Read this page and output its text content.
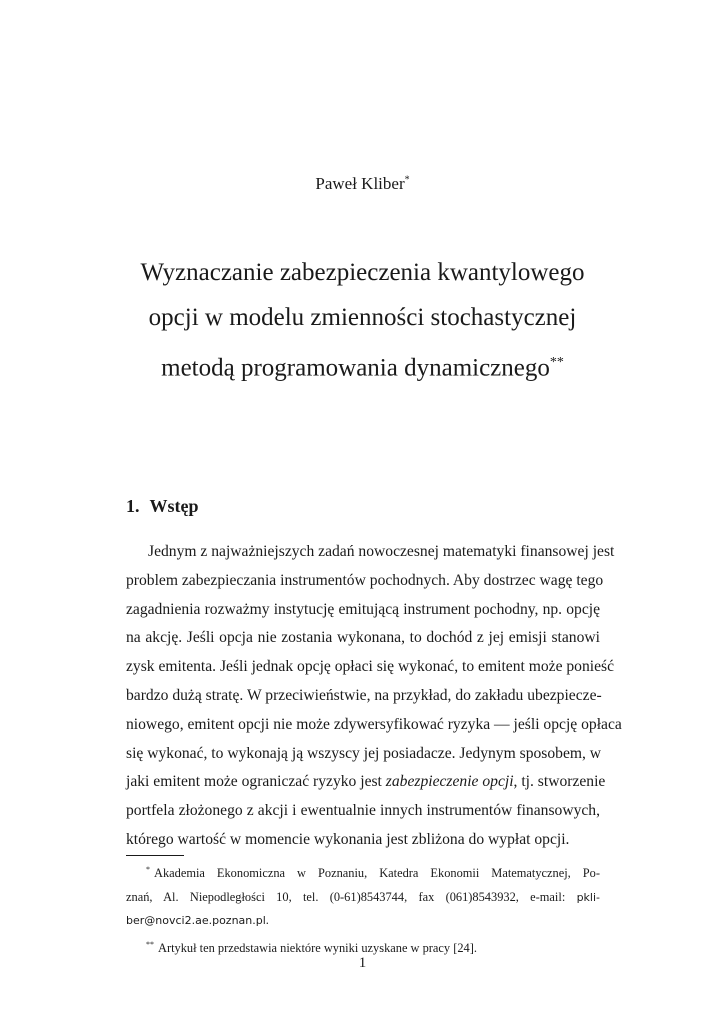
Paweł Kliber*
Wyznaczanie zabezpieczenia kwantylowego
opcji w modelu zmienności stochastycznej
metodą programowania dynamicznego**
1. Wstęp
Jednym z najważniejszych zadań nowoczesnej matematyki finansowej jest
problem zabezpieczania instrumentów pochodnych. Aby dostrzec wagę tego
zagadnienia rozważmy instytucję emitującą instrument pochodny, np. opcję
na akcję. Jeśli opcja nie zostania wykonana, to dochód z jej emisji stanowi
zysk emitenta. Jeśli jednak opcję opłaci się wykonać, to emitent może ponieść
bardzo dużą stratę. W przeciwieństwie, na przykład, do zakładu ubezpiecze-
niowego, emitent opcji nie może zdywersyfikować ryzyka — jeśli opcję opłaca
się wykonać, to wykonają ją wszyscy jej posiadacze. Jedynym sposobem, w
jaki emitent może ograniczać ryzyko jest zabezpieczenie opcji, tj. stworzenie
portfela złożonego z akcji i ewentualnie innych instrumentów finansowych,
którego wartość w momencie wykonania jest zbliżona do wypłat opcji.
* Akademia Ekonomiczna w Poznaniu, Katedra Ekonomii Matematycznej, Po-
znań, Al. Niepodległości 10, tel. (0-61)8543744, fax (061)8543932, e-mail: pkli-
ber@novci2.ae.poznan.pl.
** Artykuł ten przedstawia niektóre wyniki uzyskane w pracy [24].
1
